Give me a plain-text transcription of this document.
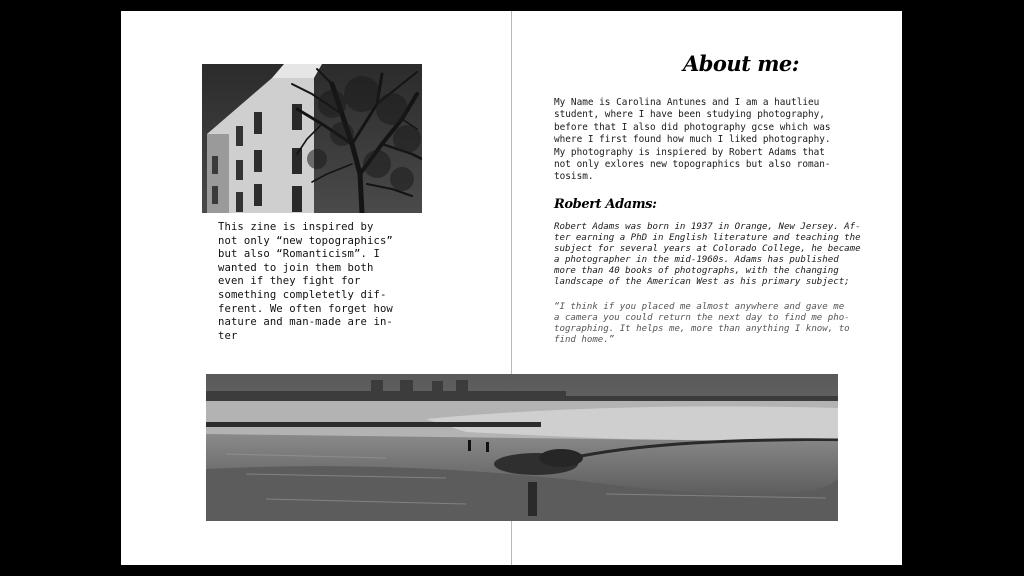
This zine is inspired by
not only “new topographics”
but also “Romanticism”. I
wanted to join them both
even if they fight for
something completetly dif-
ferent. We often forget how
nature and man-made are in-
ter
About me:
My Name is Carolina Antunes and I am a hautlieu
student, where I have been studying photography,
before that I also did photography gcse which was
where I first found how much I liked photography.
My photography is inspiered by Robert Adams that
not only exlores new topographics but also roman-
tosism.
Robert Adams:
Robert Adams was born in 1937 in Orange, New Jersey. Af-
ter earning a PhD in English literature and teaching the
subject for several years at Colorado College, he became
a photographer in the mid-1960s. Adams has published
more than 40 books of photographs, with the changing
landscape of the American West as his primary subject;
“I think if you placed me almost anywhere and gave me
a camera you could return the next day to find me pho-
tographing. It helps me, more than anything I know, to
find home.”
